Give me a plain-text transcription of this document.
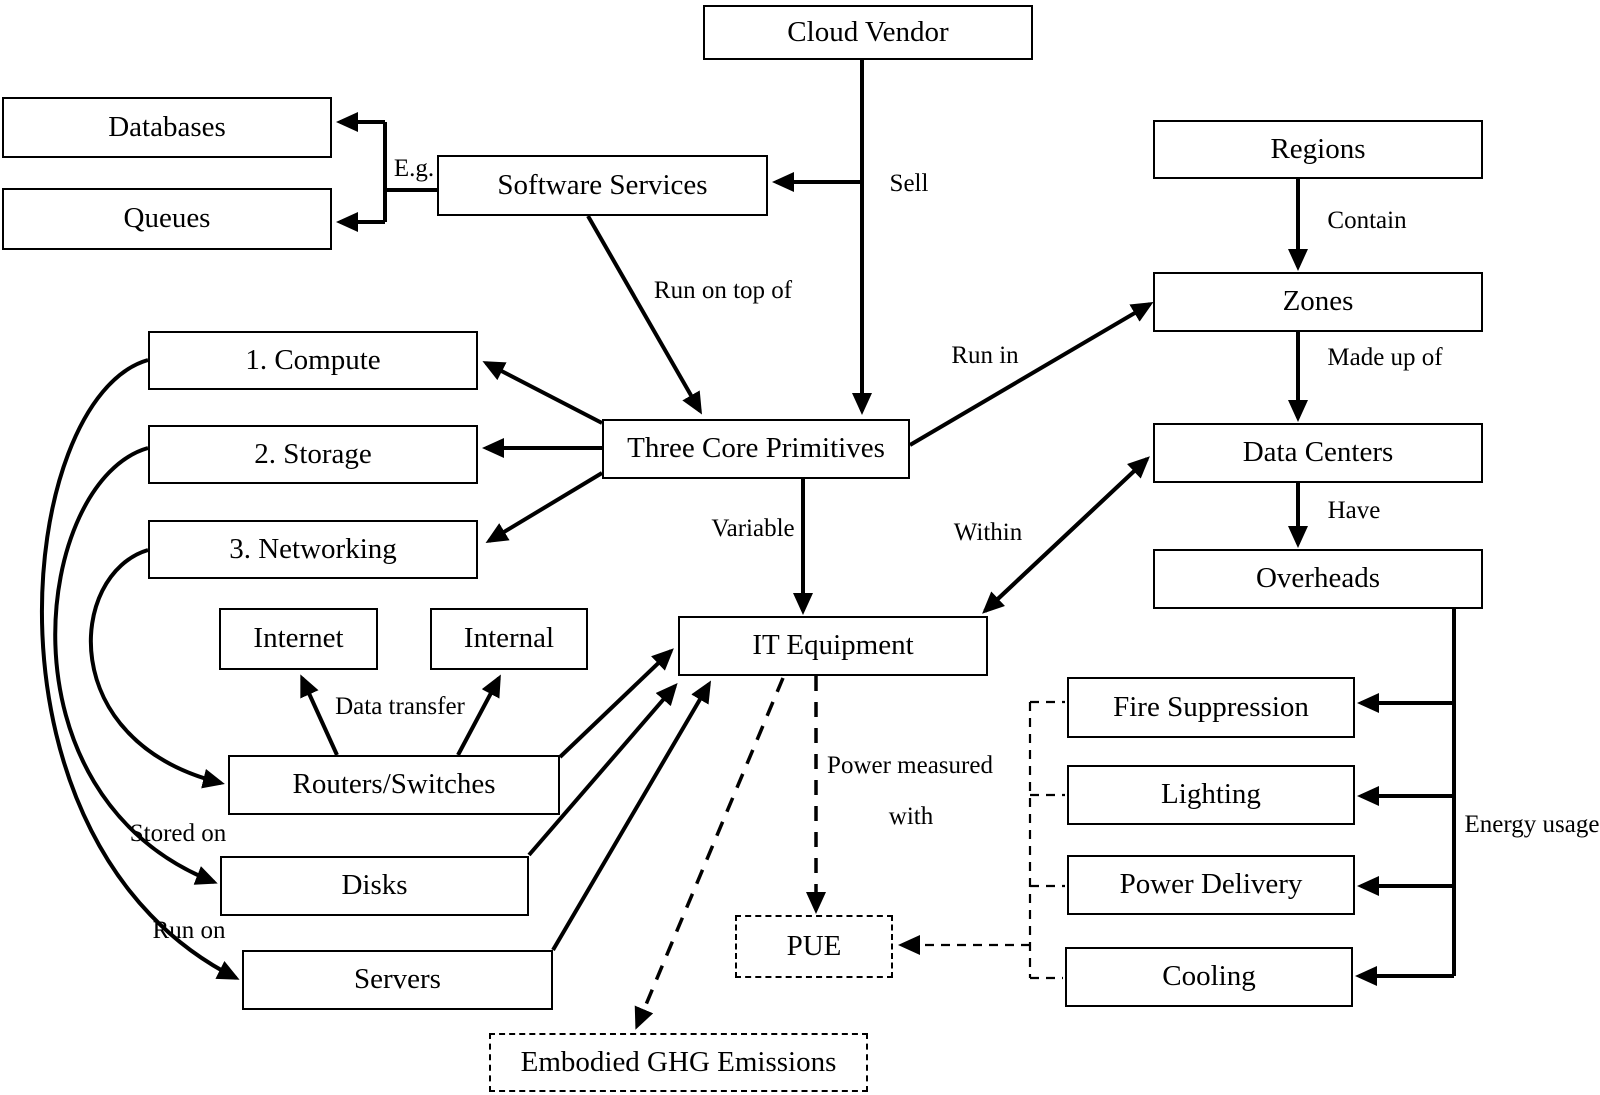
Cloud Vendor
Databases
Queues
Software Services
Regions
Zones
1. Compute
2. Storage
3. Networking
Three Core Primitives	Data Centers
Overheads
Internet	Internal	IT Equipment
Routers/Switches
Disks
Servers
PUE
Embodied GHG Emissions
Fire Suppression
Lighting
Power Delivery
Cooling
Sell
E.g.
Run on top of
Contain
Run in	Made up of
Variable	Within
Have
Data transfer
Stored on
Run on
Power measured
with	Energy usage
